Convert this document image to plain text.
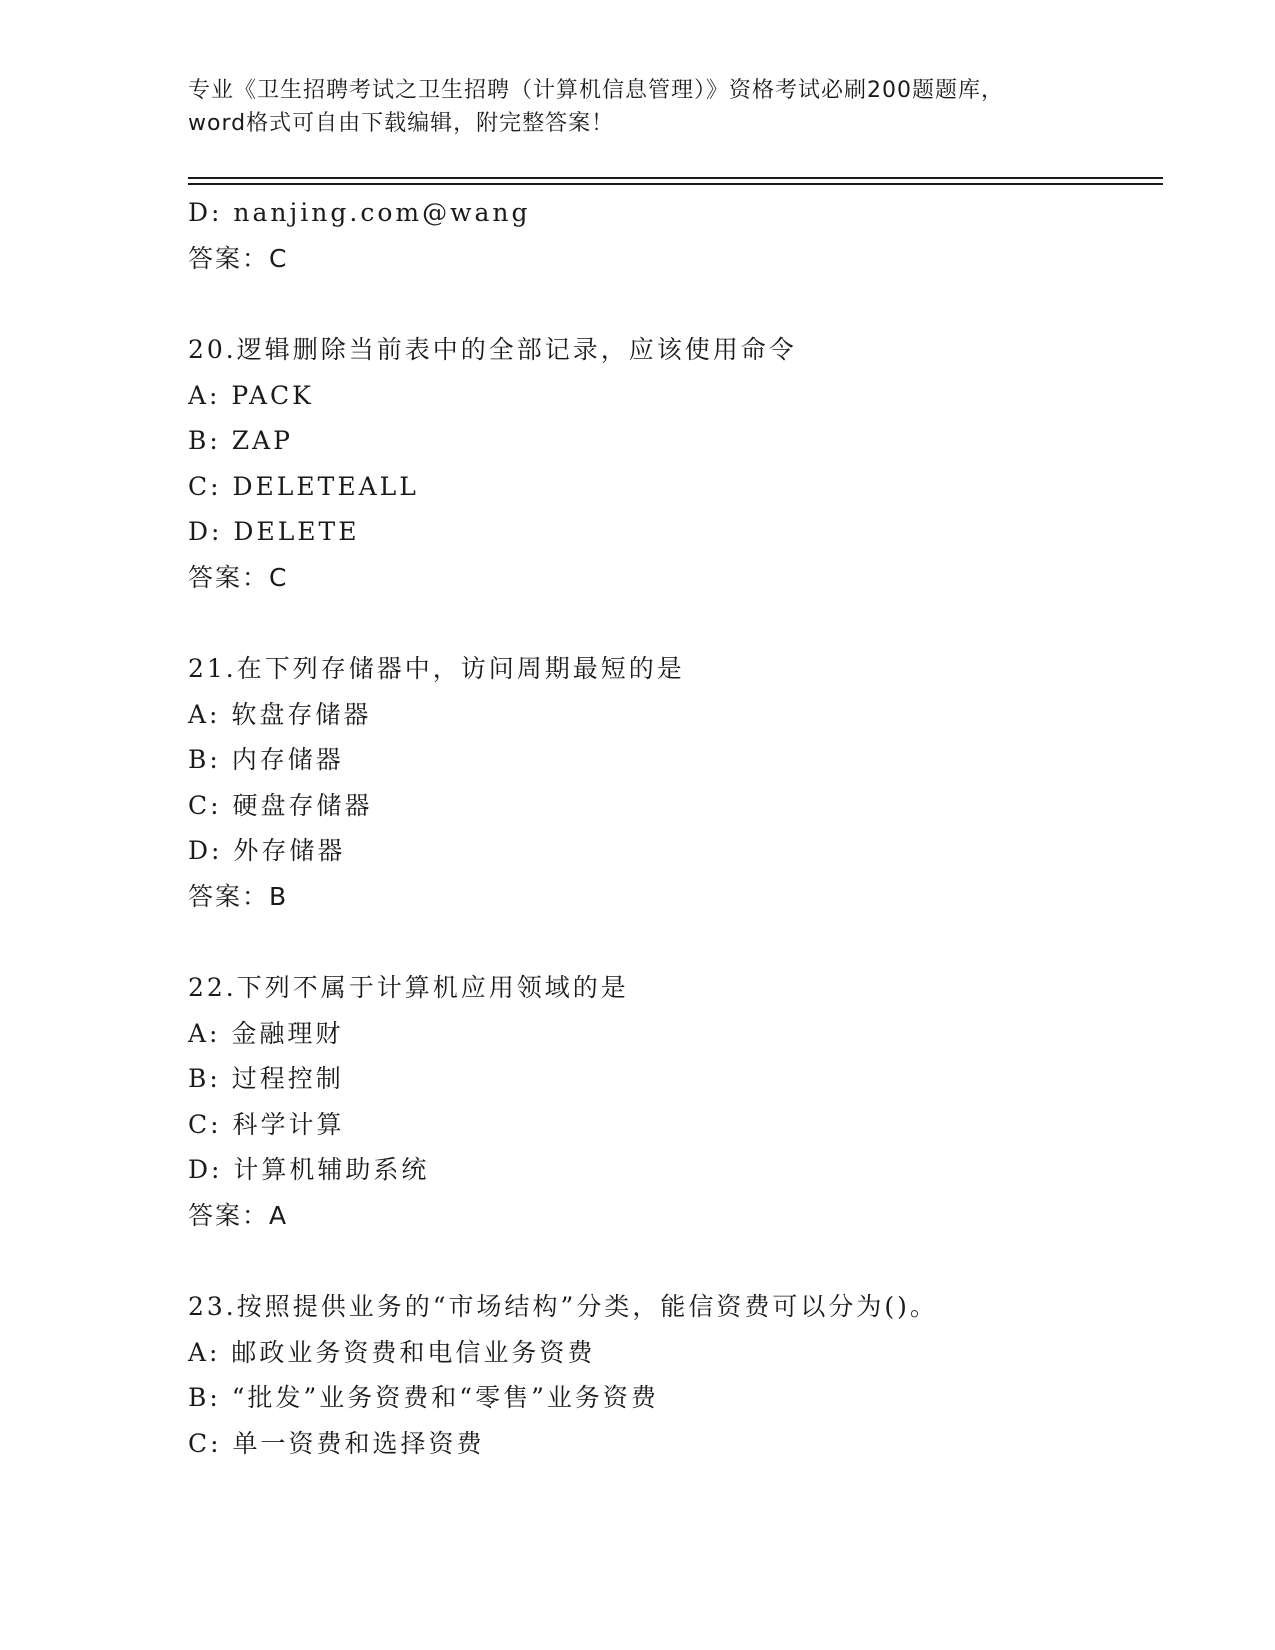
专业《卫生招聘考试之卫生招聘（计算机信息管理）》资格考试必刷200题题库，
word格式可自由下载编辑，附完整答案！
D: nanjing.com@wang
答案：C
20.逻辑删除当前表中的全部记录，应该使用命令
A: PACK
B: ZAP
C: DELETEALL
D: DELETE
答案：C
21.在下列存储器中，访问周期最短的是
A: 软盘存储器
B: 内存储器
C: 硬盘存储器
D: 外存储器
答案：B
22.下列不属于计算机应用领域的是
A: 金融理财
B: 过程控制
C: 科学计算
D: 计算机辅助系统
答案：A
23.按照提供业务的“市场结构”分类，能信资费可以分为()。
A: 邮政业务资费和电信业务资费
B: “批发”业务资费和“零售”业务资费
C: 单一资费和选择资费
